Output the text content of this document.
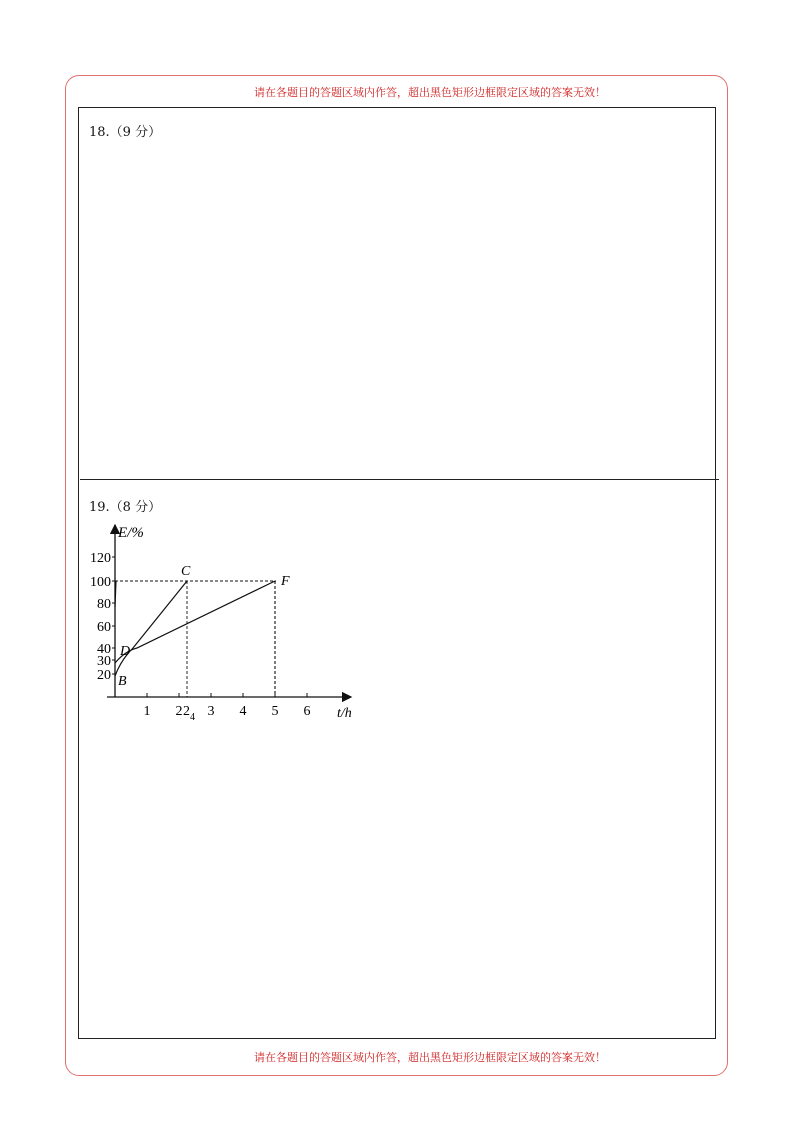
请在各题目的答题区域内作答，超出黑色矩形边框限定区域的答案无效！
18.（9 分）
19.（8 分）
E/%
t/h
120
100
80
60
40
30
20
1 2 3 4 5 6
2 4
B
D
C
F
请在各题目的答题区域内作答，超出黑色矩形边框限定区域的答案无效！
